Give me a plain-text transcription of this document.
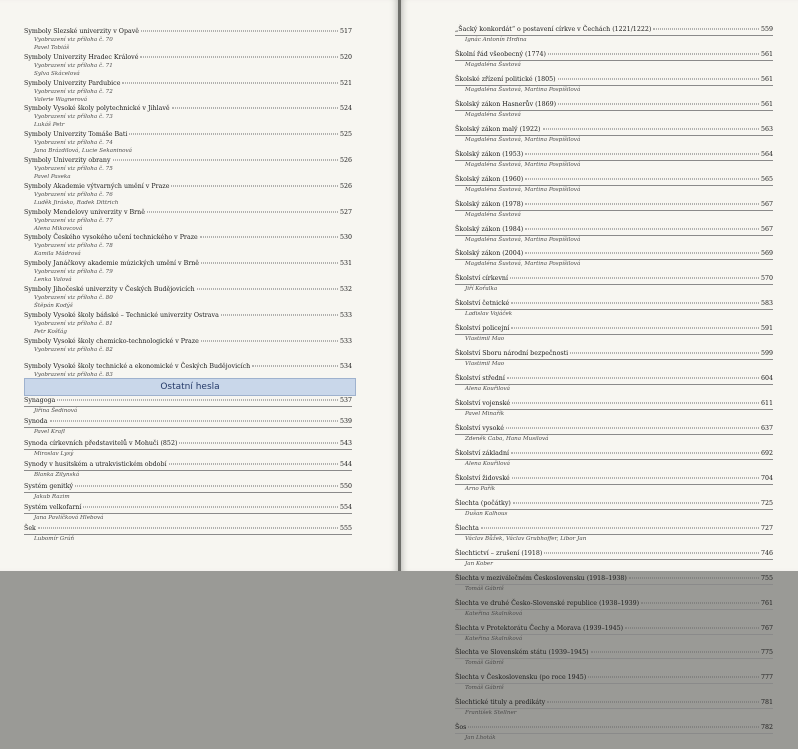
Symboly Slezské univerzity v Opavě	517
Vyobrazení viz příloha č. 70
Pavel Tobiáš
Symboly Univerzity Hradec Králové	520
Vyobrazení viz příloha č. 71
Sylva Skácelová
Symboly Univerzity Pardubice	521
Vyobrazení viz příloha č. 72
Valerie Wagnerová
Symboly Vysoké školy polytechnické v Jihlavě	524
Vyobrazení viz příloha č. 73
Lukáš Petr
Symboly Univerzity Tomáše Bati	525
Vyobrazení viz příloha č. 74
Jana Brázdilová, Lucie Sekaninová
Symboly Univerzity obrany	526
Vyobrazení viz příloha č. 75
Pavel Paseka
Symboly Akademie výtvarných umění v Praze	526
Vyobrazení viz příloha č. 76
Luděk Jirásko, Radek Dittrich
Symboly Mendelovy univerzity v Brně	527
Vyobrazení viz příloha č. 77
Alena Mikovcová
Symboly Českého vysokého učení technického v Praze	530
Vyobrazení viz příloha č. 78
Kamila Mádrová
Symboly Janáčkovy akademie múzických umění v Brně	531
Vyobrazení viz příloha č. 79
Lenka Valová
Symboly Jihočeské univerzity v Českých Budějovicích	532
Vyobrazení viz příloha č. 80
Štěpán Kodýš
Symboly Vysoké školy báňské – Technické univerzity Ostrava	533
Vyobrazení viz příloha č. 81
Petr Košťág
Symboly Vysoké školy chemicko-technologické v Praze	533
Vyobrazení viz příloha č. 82
Symboly Vysoké školy technické a ekonomické v Českých Budějovicích	534
Vyobrazení viz příloha č. 83
Ostatní hesla
Synagoga	537
Jiřina Šedinová
Synoda	539
Pavel Krafl
Synoda církevních představitelů v Mohuči (852)	543
Miroslav Lysý
Synody v husitském a utrakvistickém období	544
Blanka Zilynská
Systém genitký	550
Jakub Razim
Systém velkofarní	554
Jana Pavlíčková Hlebová
Šek	555
Lubomír Grúň
„Šacký konkordát“ o postavení církve v Čechách (1221/1222)	559
Ignác Antonín Hrdina
Školní řád všeobecný (1774)	561
Magdaléna Šustová
Školské zřízení politické (1805)	561
Magdaléna Šustová, Martina Pospíšilová
Školský zákon Hasnerův (1869)	561
Magdaléna Šustová
Školský zákon malý (1922)	563
Magdaléna Šustová, Martina Pospíšilová
Školský zákon (1953)	564
Magdaléna Šustová, Martina Pospíšilová
Školský zákon (1960)	565
Magdaléna Šustová, Martina Pospíšilová
Školský zákon (1978)	567
Magdaléna Šustová
Školský zákon (1984)	567
Magdaléna Šustová, Martina Pospíšilová
Školský zákon (2004)	569
Magdaléna Šustová, Martina Pospíšilová
Školství církevní	570
Jiří Kořalka
Školství četnické	583
Ladislav Vojáček
Školství policejní	591
Vlastimil Mao
Školství Sboru národní bezpečnosti	599
Vlastimil Mao
Školství střední	604
Alena Kouřilová
Školství vojenské	611
Pavel Minařík
Školství vysoké	637
Zdeněk Caba, Hana Musilová
Školství základní	692
Alena Kouřilová
Školství židovské	704
Arno Pařík
Šlechta (počátky)	725
Dušan Kalhous
Šlechta	727
Václav Bůžek, Václav Grubhoffer, Libor Jan
Šlechtictví – zrušení (1918)	746
Jan Kober
Šlechta v meziválečném Československu (1918–1938)	755
Tomáš Gábriš
Šlechta ve druhé Česko-Slovenské republice (1938–1939)	761
Kateřina Skalníková
Šlechta v Protektorátu Čechy a Morava (1939–1945)	767
Kateřina Skalníková
Šlechta ve Slovenském státu (1939–1945)	775
Tomáš Gábriš
Šlechta v Československu (po roce 1945)	777
Tomáš Gábriš
Šlechtické tituly a predikáty	781
František Stellner
Šos	782
Jan Lhoták
